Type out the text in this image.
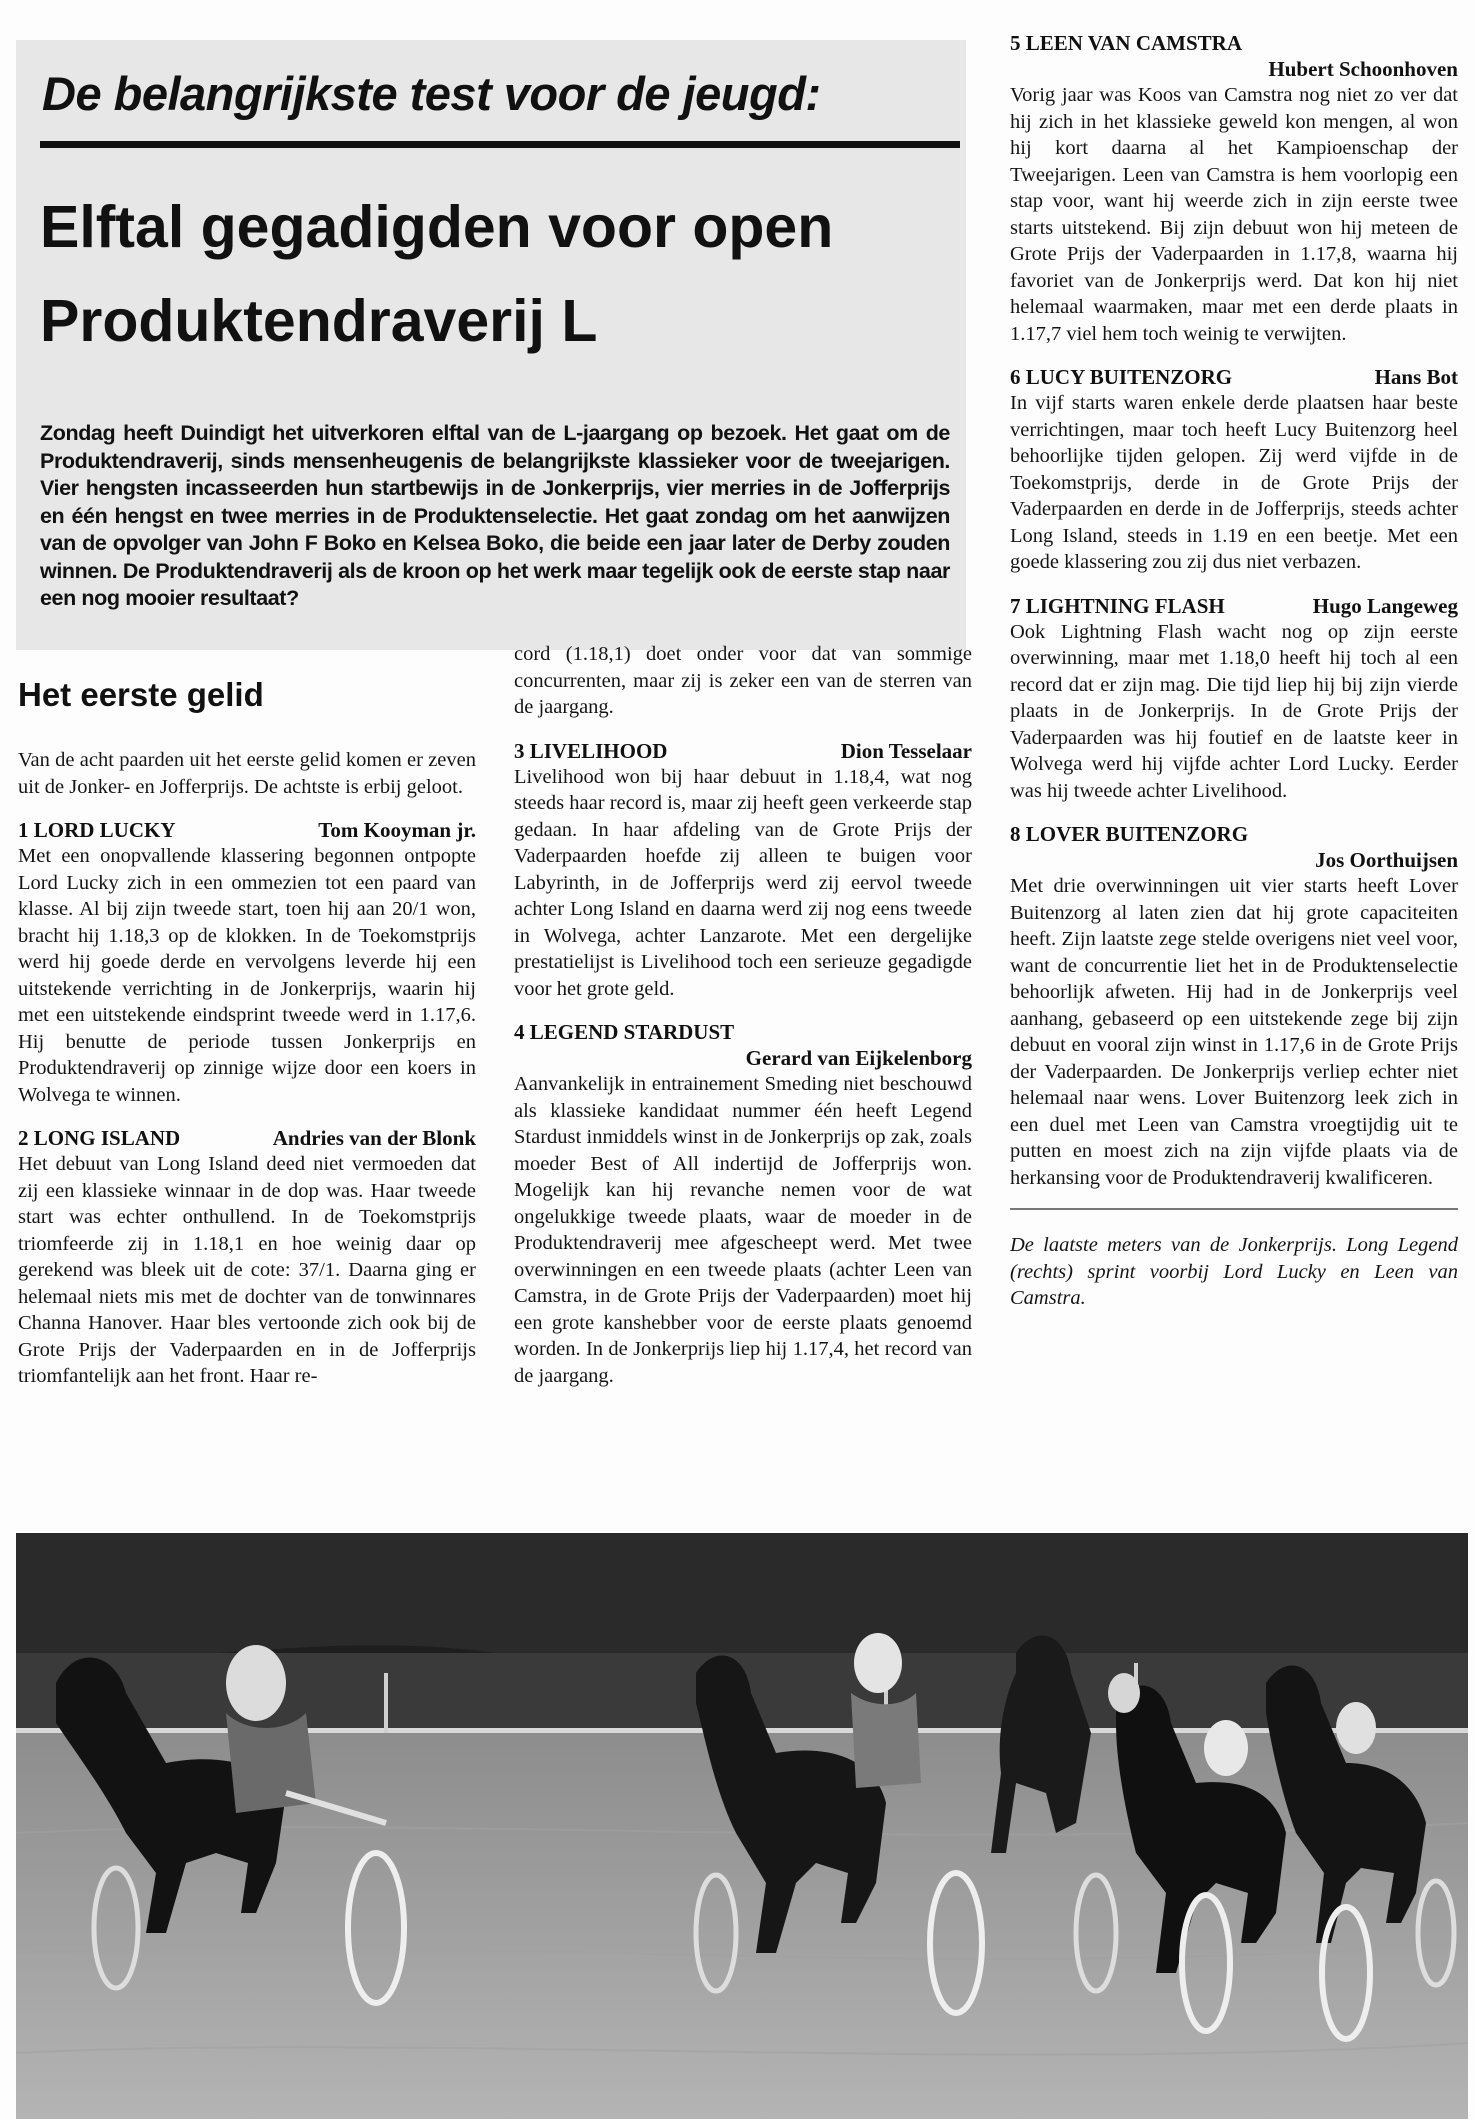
De belangrijkste test voor de jeugd:
Elftal gegadigden voor open
Produktendraverij L

Zondag heeft Duindigt het uitverkoren elftal van de L-jaargang op bezoek. Het gaat om de Produktendraverij, sinds mensenheugenis de belangrijkste klassieker voor de tweejarigen. Vier hengsten incasseerden hun startbewijs in de Jonkerprijs, vier merries in de Jofferprijs en één hengst en twee merries in de Produktenselectie. Het gaat zondag om het aanwijzen van de opvolger van John F Boko en Kelsea Boko, die beide een jaar later de Derby zouden winnen. De Produktendraverij als de kroon op het werk maar tegelijk ook de eerste stap naar een nog mooier resultaat?

Het eerste gelid

Van de acht paarden uit het eerste gelid komen er zeven uit de Jonker- en Jofferprijs. De achtste is erbij geloot.

1 LORD LUCKY	Tom Kooyman jr.

Met een onopvallende klassering begonnen ontpopte Lord Lucky zich in een ommezien tot een paard van klasse. Al bij zijn tweede start, toen hij aan 20/1 won, bracht hij 1.18,3 op de klokken. In de Toekomstprijs werd hij goede derde en vervolgens leverde hij een uitstekende verrichting in de Jonkerprijs, waarin hij met een uitstekende eindsprint tweede werd in 1.17,6. Hij benutte de periode tussen Jonkerprijs en Produktendraverij op zinnige wijze door een koers in Wolvega te winnen.

2 LONG ISLAND	Andries van der Blonk

Het debuut van Long Island deed niet vermoeden dat zij een klassieke winnaar in de dop was. Haar tweede start was echter onthullend. In de Toekomstprijs triomfeerde zij in 1.18,1 en hoe weinig daar op gerekend was bleek uit de cote: 37/1. Daarna ging er helemaal niets mis met de dochter van de tonwinnares Channa Hanover. Haar bles vertoonde zich ook bij de Grote Prijs der Vaderpaarden en in de Jofferprijs triomfantelijk aan het front. Haar re-

cord (1.18,1) doet onder voor dat van sommige concurrenten, maar zij is zeker een van de sterren van de jaargang.

3 LIVELIHOOD	Dion Tesselaar

Livelihood won bij haar debuut in 1.18,4, wat nog steeds haar record is, maar zij heeft geen verkeerde stap gedaan. In haar afdeling van de Grote Prijs der Vaderpaarden hoefde zij alleen te buigen voor Labyrinth, in de Jofferprijs werd zij eervol tweede achter Long Island en daarna werd zij nog eens tweede in Wolvega, achter Lanzarote. Met een dergelijke prestatielijst is Livelihood toch een serieuze gegadigde voor het grote geld.

4 LEGEND STARDUST
Gerard van Eijkelenborg

Aanvankelijk in entrainement Smeding niet beschouwd als klassieke kandidaat nummer één heeft Legend Stardust inmiddels winst in de Jonkerprijs op zak, zoals moeder Best of All indertijd de Jofferprijs won. Mogelijk kan hij revanche nemen voor de wat ongelukkige tweede plaats, waar de moeder in de Produktendraverij mee afgescheept werd. Met twee overwinningen en een tweede plaats (achter Leen van Camstra, in de Grote Prijs der Vaderpaarden) moet hij een grote kanshebber voor de eerste plaats genoemd worden. In de Jonkerprijs liep hij 1.17,4, het record van de jaargang.

5 LEEN VAN CAMSTRA
Hubert Schoonhoven

Vorig jaar was Koos van Camstra nog niet zo ver dat hij zich in het klassieke geweld kon mengen, al won hij kort daarna al het Kampioenschap der Tweejarigen. Leen van Camstra is hem voorlopig een stap voor, want hij weerde zich in zijn eerste twee starts uitstekend. Bij zijn debuut won hij meteen de Grote Prijs der Vaderpaarden in 1.17,8, waarna hij favoriet van de Jonkerprijs werd. Dat kon hij niet helemaal waarmaken, maar met een derde plaats in 1.17,7 viel hem toch weinig te verwijten.

6 LUCY BUITENZORG	Hans Bot

In vijf starts waren enkele derde plaatsen haar beste verrichtingen, maar toch heeft Lucy Buitenzorg heel behoorlijke tijden gelopen. Zij werd vijfde in de Toekomstprijs, derde in de Grote Prijs der Vaderpaarden en derde in de Jofferprijs, steeds achter Long Island, steeds in 1.19 en een beetje. Met een goede klassering zou zij dus niet verbazen.

7 LIGHTNING FLASH	Hugo Langeweg

Ook Lightning Flash wacht nog op zijn eerste overwinning, maar met 1.18,0 heeft hij toch al een record dat er zijn mag. Die tijd liep hij bij zijn vierde plaats in de Jonkerprijs. In de Grote Prijs der Vaderpaarden was hij foutief en de laatste keer in Wolvega werd hij vijfde achter Lord Lucky. Eerder was hij tweede achter Livelihood.

8 LOVER BUITENZORG
Jos Oorthuijsen

Met drie overwinningen uit vier starts heeft Lover Buitenzorg al laten zien dat hij grote capaciteiten heeft. Zijn laatste zege stelde overigens niet veel voor, want de concurrentie liet het in de Produktenselectie behoorlijk afweten. Hij had in de Jonkerprijs veel aanhang, gebaseerd op een uitstekende zege bij zijn debuut en vooral zijn winst in 1.17,6 in de Grote Prijs der Vaderpaarden. De Jonkerprijs verliep echter niet helemaal naar wens. Lover Buitenzorg leek zich in een duel met Leen van Camstra vroegtijdig uit te putten en moest zich na zijn vijfde plaats via de herkansing voor de Produktendraverij kwalificeren.

De laatste meters van de Jonkerprijs. Long Legend (rechts) sprint voorbij Lord Lucky en Leen van Camstra.
